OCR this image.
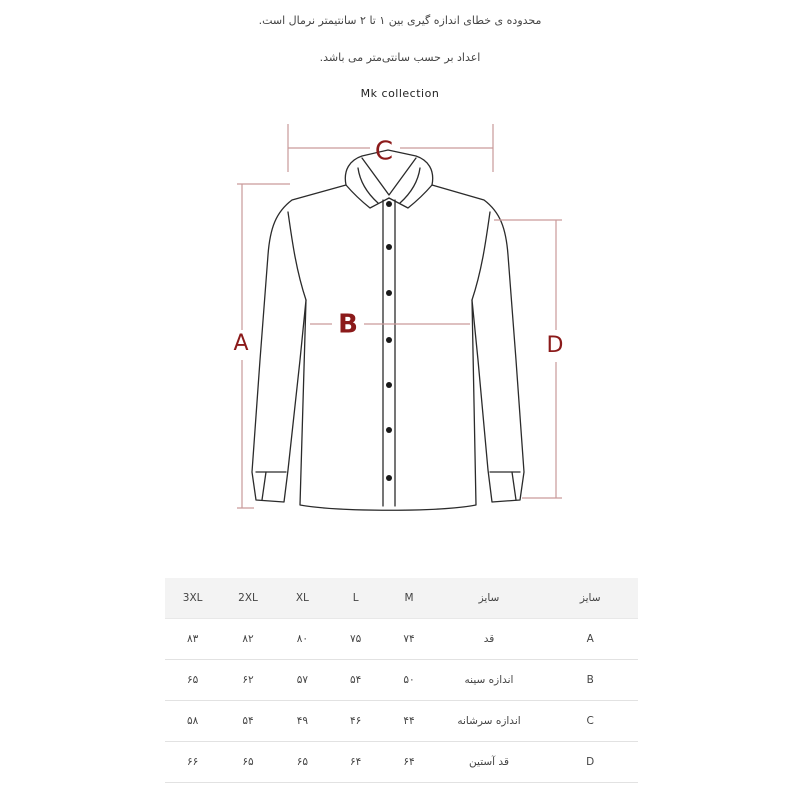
محدوده ی خطای اندازه گیری بین ۱ تا ۲ سانتیمتر نرمال است.
اعداد بر حسب سانتی‌متر می باشد.
Mk collection
C
A
B
D
3XL	2XL	XL	L	M	سایز	سایز
۸۳	۸۲	۸۰	۷۵	۷۴	قد	A
۶۵	۶۲	۵۷	۵۴	۵۰	اندازه سینه	B
۵۸	۵۴	۴۹	۴۶	۴۴	اندازه سرشانه	C
۶۶	۶۵	۶۵	۶۴	۶۴	قد آستین	D
